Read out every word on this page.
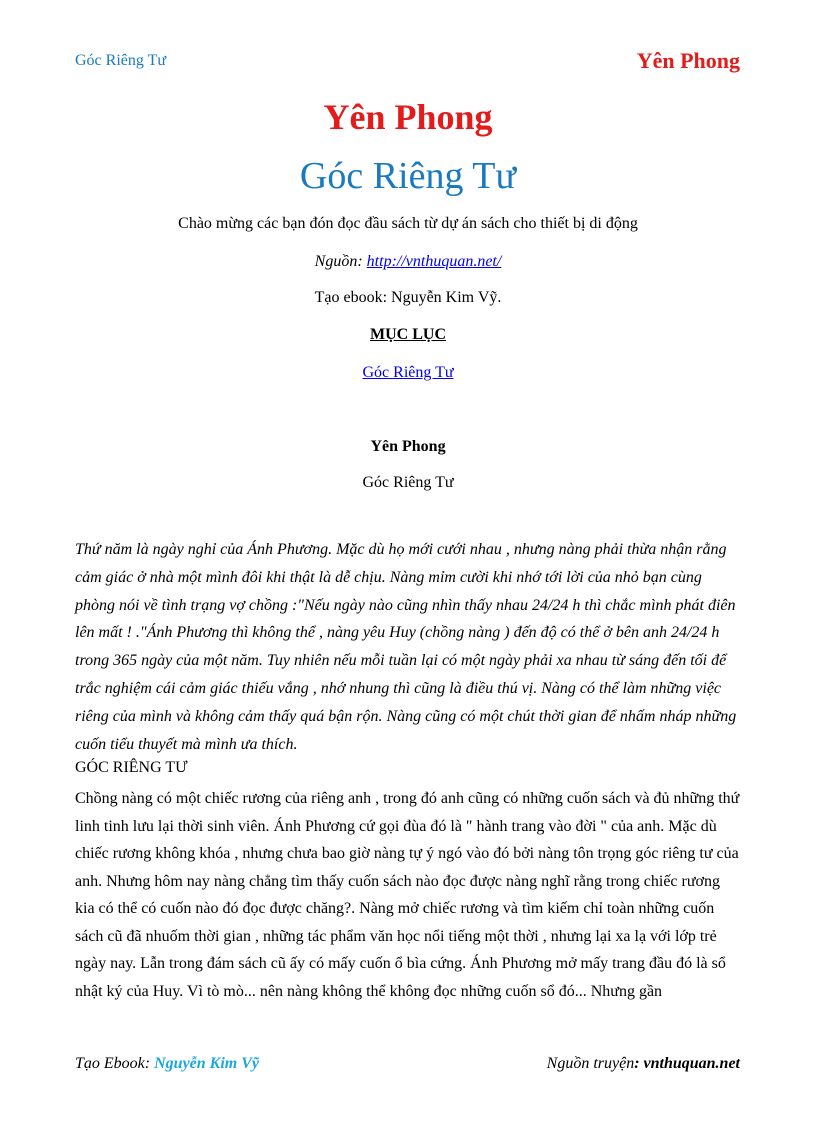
Góc Riêng Tư	Yên Phong
Yên Phong
Góc Riêng Tư
Chào mừng các bạn đón đọc đầu sách từ dự án sách cho thiết bị di động
Nguồn: http://vnthuquan.net/
Tạo ebook: Nguyễn Kim Vỹ.
MỤC LỤC
Góc Riêng Tư
Yên Phong
Góc Riêng Tư

Thứ năm là ngày nghỉ của Ánh Phương. Mặc dù họ mới cưới nhau , nhưng nàng phải thừa nhận rằng cảm giác ở nhà một mình đôi khi thật là dễ chịu. Nàng mỉm cười khi nhớ tới lời của nhỏ bạn cùng phòng nói về tình trạng vợ chồng :"Nếu ngày nào cũng nhìn thấy nhau 24/24 h thì chắc mình phát điên lên mất ! ."Ánh Phương thì không thể , nàng yêu Huy (chồng nàng ) đến độ có thể ở bên anh 24/24 h trong 365 ngày của một năm. Tuy nhiên nếu mỗi tuần lại có một ngày phải xa nhau từ sáng đến tối để trắc nghiệm cái cảm giác thiếu vắng , nhớ nhung thì cũng là điều thú vị. Nàng có thể làm những việc riêng của mình và không cảm thấy quá bận rộn. Nàng cũng có một chút thời gian để nhấm nháp những cuốn tiểu thuyết mà mình ưa thích.

GÓC RIÊNG TƯ

Chồng nàng có một chiếc rương của riêng anh , trong đó anh cũng có những cuốn sách và đủ những thứ linh tinh lưu lại thời sinh viên. Ánh Phương cứ gọi đùa đó là " hành trang vào đời " của anh. Mặc dù chiếc rương không khóa , nhưng chưa bao giờ nàng tự ý ngó vào đó bởi nàng tôn trọng góc riêng tư của anh. Nhưng hôm nay nàng chẳng tìm thấy cuốn sách nào đọc được nàng nghĩ rằng trong chiếc rương kia có thể có cuốn nào đó đọc được chăng?. Nàng mở chiếc rương và tìm kiếm chỉ toàn những cuốn sách cũ đã nhuốm thời gian , những tác phẩm văn học nổi tiếng một thời , nhưng lại xa lạ với lớp trẻ ngày nay. Lẫn trong đám sách cũ ấy có mấy cuốn ổ bìa cứng. Ánh Phương mở mấy trang đầu đó là sổ nhật ký của Huy. Vì tò mò... nên nàng không thể không đọc những cuốn sổ đó... Nhưng gần

Tạo Ebook: Nguyễn Kim Vỹ	Nguồn truyện: vnthuquan.net
